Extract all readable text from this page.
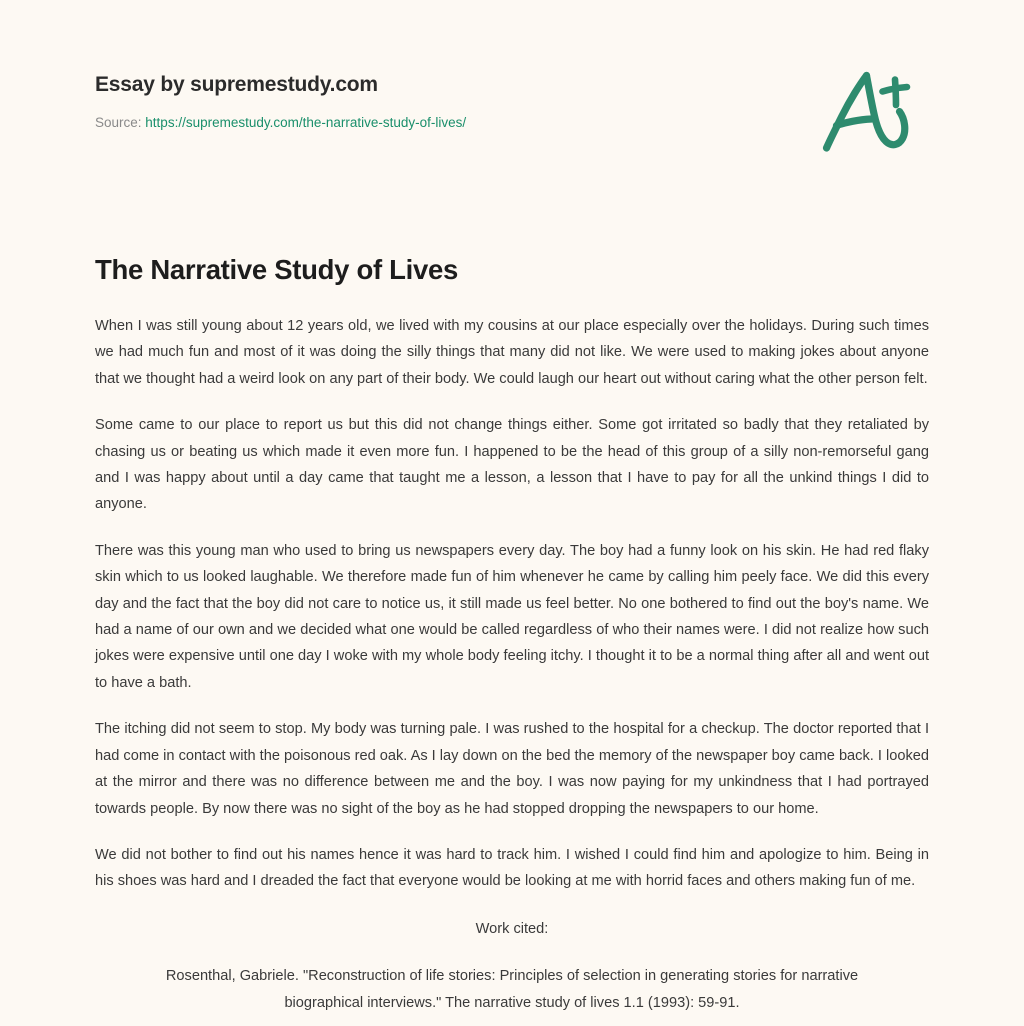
Essay by supremestudy.com
Source: https://supremestudy.com/the-narrative-study-of-lives/
The Narrative Study of Lives

When I was still young about 12 years old, we lived with my cousins at our place especially over the holidays. During such times we had much fun and most of it was doing the silly things that many did not like. We were used to making jokes about anyone that we thought had a weird look on any part of their body. We could laugh our heart out without caring what the other person felt.

Some came to our place to report us but this did not change things either. Some got irritated so badly that they retaliated by chasing us or beating us which made it even more fun. I happened to be the head of this group of a silly non-remorseful gang and I was happy about until a day came that taught me a lesson, a lesson that I have to pay for all the unkind things I did to anyone.

There was this young man who used to bring us newspapers every day. The boy had a funny look on his skin. He had red flaky skin which to us looked laughable. We therefore made fun of him whenever he came by calling him peely face. We did this every day and the fact that the boy did not care to notice us, it still made us feel better. No one bothered to find out the boy's name. We had a name of our own and we decided what one would be called regardless of who their names were. I did not realize how such jokes were expensive until one day I woke with my whole body feeling itchy. I thought it to be a normal thing after all and went out to have a bath.

The itching did not seem to stop. My body was turning pale. I was rushed to the hospital for a checkup. The doctor reported that I had come in contact with the poisonous red oak. As I lay down on the bed the memory of the newspaper boy came back. I looked at the mirror and there was no difference between me and the boy. I was now paying for my unkindness that I had portrayed towards people. By now there was no sight of the boy as he had stopped dropping the newspapers to our home.

We did not bother to find out his names hence it was hard to track him. I wished I could find him and apologize to him. Being in his shoes was hard and I dreaded the fact that everyone would be looking at me with horrid faces and others making fun of me.

Work cited:
Rosenthal, Gabriele. "Reconstruction of life stories: Principles of selection in generating stories for narrative biographical interviews." The narrative study of lives 1.1 (1993): 59-91.
